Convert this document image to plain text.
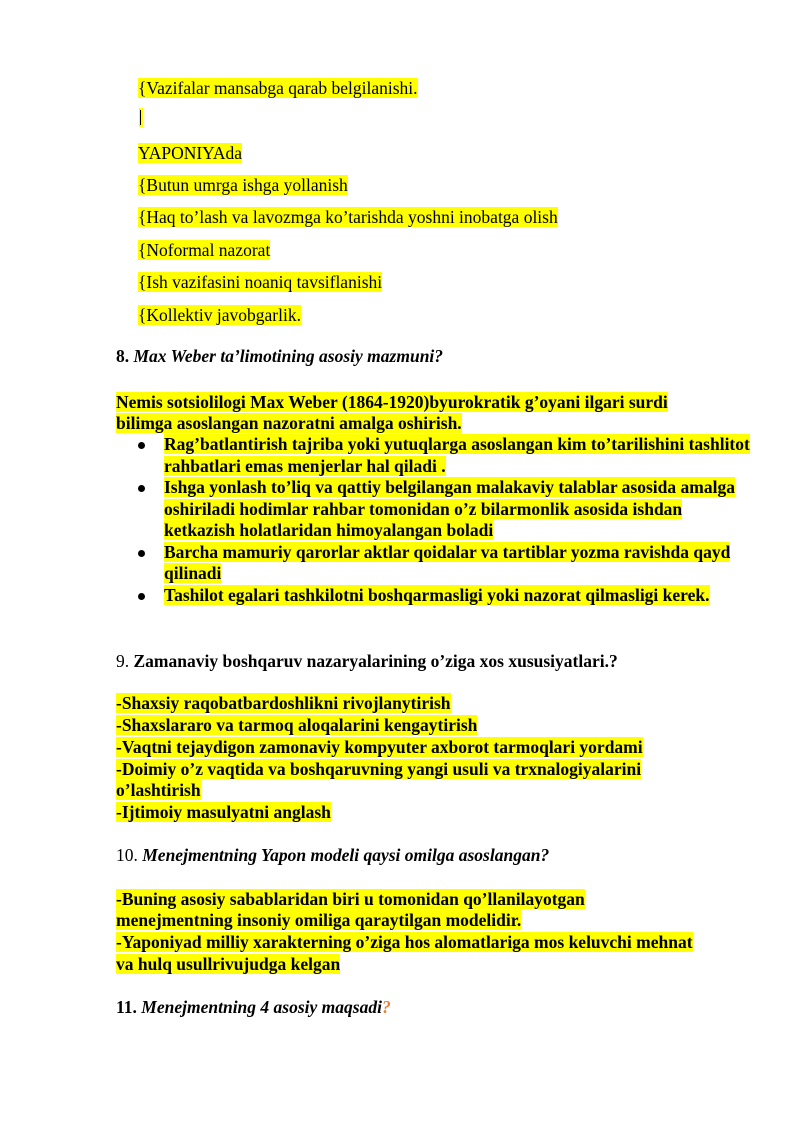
{Vazifalar mansabga qarab belgilanishi.
YAPONIYAda
{Butun umrga ishga yollanish
{Haq to’lash va lavozmga ko’tarishda yoshni inobatga olish
{Noformal nazorat
{Ish vazifasini noaniq tavsiflanishi
{Kollektiv javobgarlik.
8. Max Weber ta’limotining asosiy mazmuni?
Nemis sotsiolilogi Max Weber (1864-1920)byurokratik g’oyani ilgari surdi
bilimga asoslangan nazoratni amalga oshirish.
Rag’batlantirish tajriba yoki yutuqlarga asoslangan kim to’tarilishini tashlitot rahbatlari emas menjerlar hal qiladi .
Ishga yonlash to’liq va qattiy belgilangan malakaviy talablar asosida amalga oshiriladi hodimlar rahbar tomonidan o’z bilarmonlik asosida ishdan ketkazish holatlaridan himoyalangan boladi
Barcha mamuriy qarorlar aktlar qoidalar va tartiblar yozma ravishda qayd qilinadi
Tashilot egalari tashkilotni boshqarmasligi yoki nazorat qilmasligi kerek.
9. Zamanaviy boshqaruv nazaryalarining o’ziga xos xususiyatlari.?
-Shaxsiy raqobatbardoshlikni rivojlanytirish
-Shaxslararo va tarmoq aloqalarini kengaytirish
-Vaqtni tejaydigon zamonaviy kompyuter axborot tarmoqlari yordami
-Doimiy o’z vaqtida va boshqaruvning yangi usuli va trxnalogiyalarini
o’lashtirish
-Ijtimoiy masulyatni anglash
10. Menejmentning Yapon modeli qaysi omilga asoslangan?
-Buning asosiy sabablaridan biri u tomonidan qo’llanilayotgan
menejmentning insoniy omiliga qaraytilgan modelidir.
-Yaponiyad milliy xarakterning o’ziga hos alomatlariga mos keluvchi mehnat
va hulq usullrivujudga kelgan
11. Menejmentning 4 asosiy maqsadi?
